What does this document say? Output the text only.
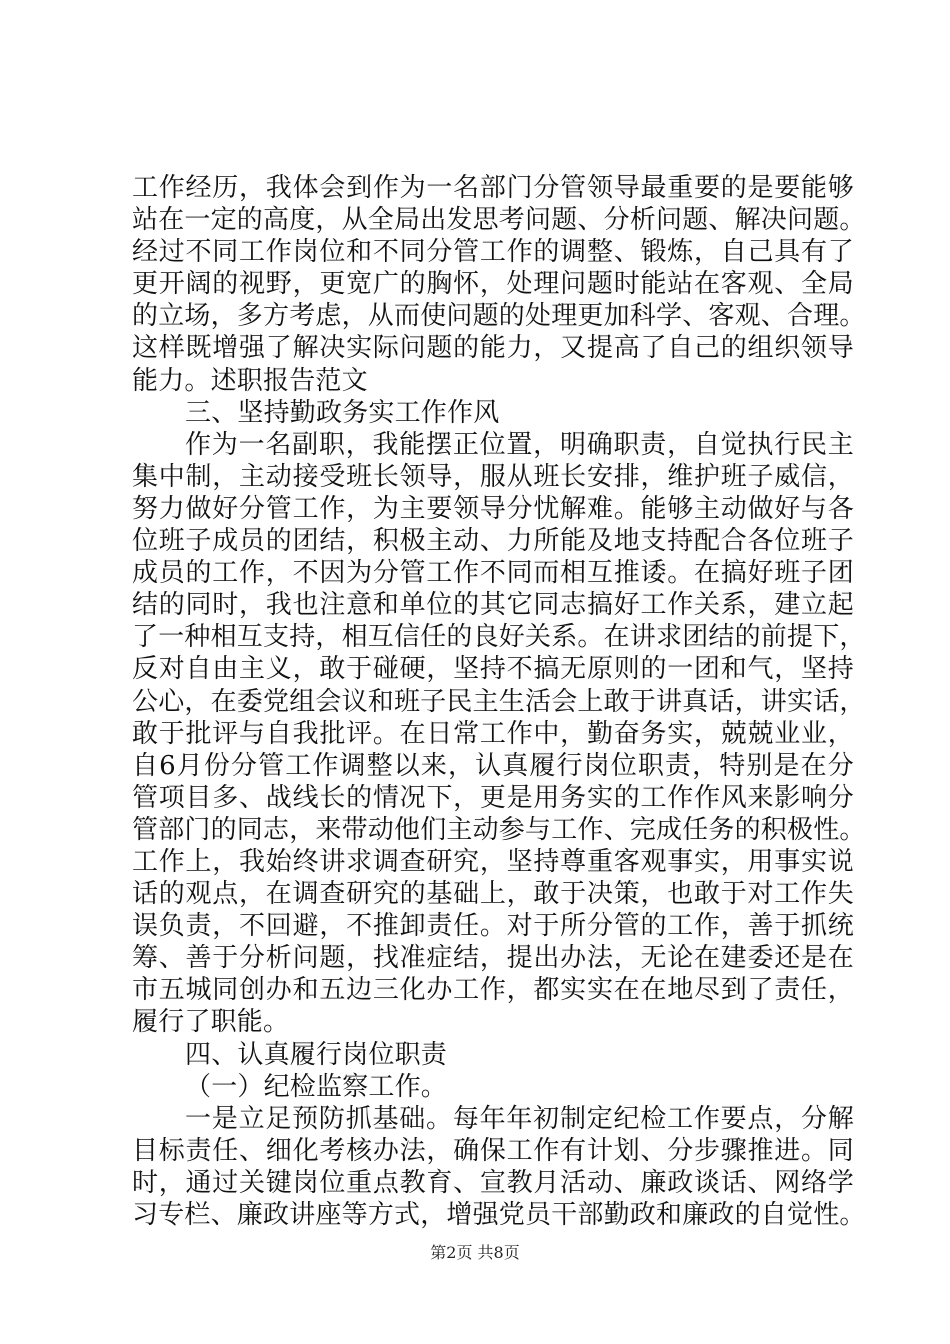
工作经历，我体会到作为一名部门分管领导最重要的是要能够
站在一定的高度，从全局出发思考问题、分析问题、解决问题。
经过不同工作岗位和不同分管工作的调整、锻炼，自己具有了
更开阔的视野，更宽广的胸怀，处理问题时能站在客观、全局
的立场，多方考虑，从而使问题的处理更加科学、客观、合理。
这样既增强了解决实际问题的能力，又提高了自己的组织领导
能力。述职报告范文
三、坚持勤政务实工作作风
作为一名副职，我能摆正位置，明确职责，自觉执行民主
集中制，主动接受班长领导，服从班长安排，维护班子威信，
努力做好分管工作，为主要领导分忧解难。能够主动做好与各
位班子成员的团结，积极主动、力所能及地支持配合各位班子
成员的工作，不因为分管工作不同而相互推诿。在搞好班子团
结的同时，我也注意和单位的其它同志搞好工作关系，建立起
了一种相互支持，相互信任的良好关系。在讲求团结的前提下，
反对自由主义，敢于碰硬，坚持不搞无原则的一团和气，坚持
公心，在委党组会议和班子民主生活会上敢于讲真话，讲实话，
敢于批评与自我批评。在日常工作中，勤奋务实，兢兢业业，
自6月份分管工作调整以来，认真履行岗位职责，特别是在分
管项目多、战线长的情况下，更是用务实的工作作风来影响分
管部门的同志，来带动他们主动参与工作、完成任务的积极性。
工作上，我始终讲求调查研究，坚持尊重客观事实，用事实说
话的观点，在调查研究的基础上，敢于决策，也敢于对工作失
误负责，不回避，不推卸责任。对于所分管的工作，善于抓统
筹、善于分析问题，找准症结，提出办法，无论在建委还是在
市五城同创办和五边三化办工作，都实实在在地尽到了责任，
履行了职能。
四、认真履行岗位职责
（一）纪检监察工作。
一是立足预防抓基础。每年年初制定纪检工作要点，分解
目标责任、细化考核办法，确保工作有计划、分步骤推进。同
时，通过关键岗位重点教育、宣教月活动、廉政谈话、网络学
习专栏、廉政讲座等方式，增强党员干部勤政和廉政的自觉性。
第2页 共8页
